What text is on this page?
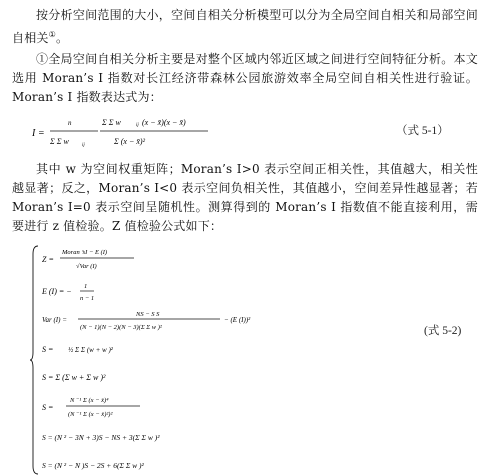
按分析空间范围的大小，空间自相关分析模型可以分为全局空间自相关和局部空间自相关①。
①全局空间自相关分析主要是对整个区域内邻近区域之间进行空间特征分析。本文选用 Moran’s I 指数对长江经济带森林公园旅游效率全局空间自相关性进行验证。Moran’s I 指数表达式为：
I =
n
Σ Σ w	ij
Σ Σ w	ij (x − x̄)(x − x̄)
Σ (x − x̄)²
（式 5-1）
其中 w 为空间权重矩阵；Moran’s I>0 表示空间正相关性，其值越大，相关性越显著；反之，Moran’s I<0 表示空间负相关性，其值越小，空间差异性越显著；若 Moran’s I=0 表示空间呈随机性。测算得到的 Moran’s I 指数值不能直接利用，需要进行 z 值检验。Z 值检验公式如下：
Z =
Moran ’sI − E (I)
√Var (I)
E (I) = −
1
n − 1
Var (I) =
NS − S S
(N − 1)(N − 2)(N − 3)(Σ Σ w )²
− (E (I))²
S = ½ Σ Σ (w + w )²
S = Σ (Σ w + Σ w )²
S =
N ⁻¹ Σ (x − x̄)⁴
(N ⁻¹ Σ (x − x̄)²)²
S = (N ² − 3N + 3)S − NS + 3(Σ Σ w )²
S = (N ² − N )S − 2S + 6(Σ Σ w )²
(式 5-2)
